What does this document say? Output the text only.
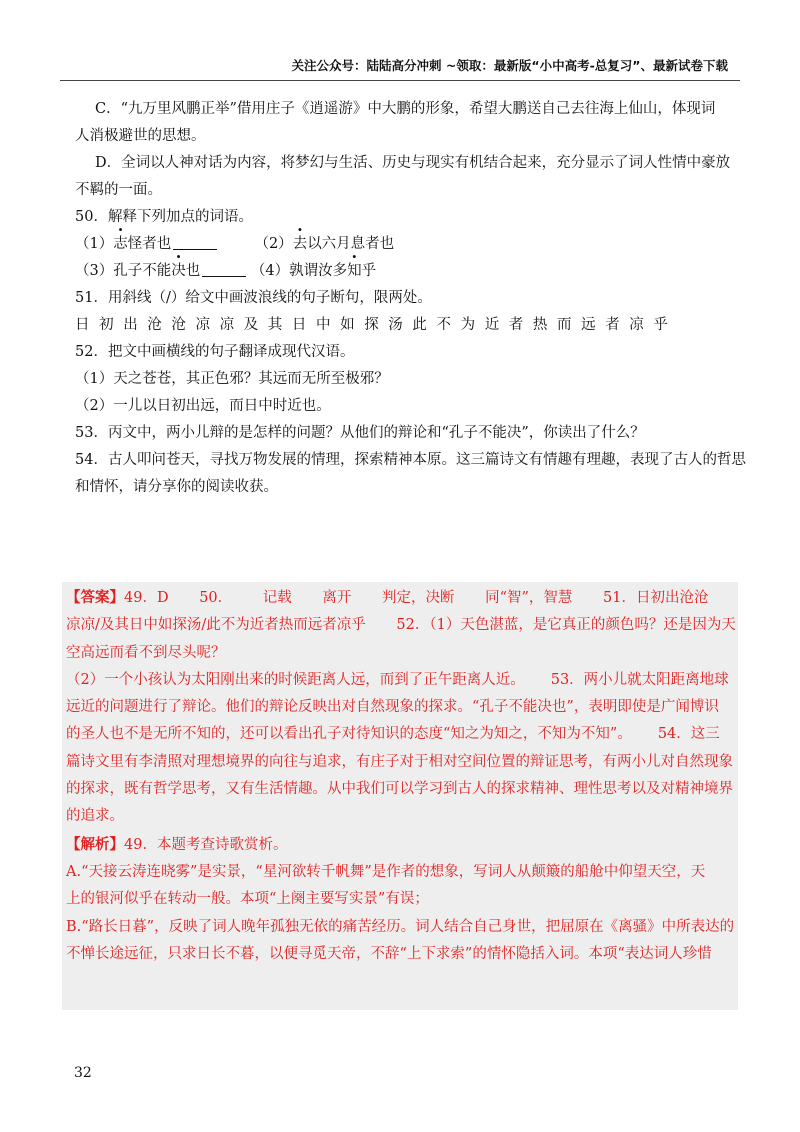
关注公众号：陆陆高分冲刺 ~领取：最新版“小中高考-总复习”、最新试卷下载
C．“九万里风鹏正举”借用庄子《逍遥游》中大鹏的形象，希望大鹏送自己去往海上仙山，体现词
人消极避世的思想。
D．全词以人神对话为内容，将梦幻与生活、历史与现实有机结合起来，充分显示了词人性情中豪放
不羁的一面。
50．解释下列加点的词语。
（1）志怪者也	（2）去以六月息者也
（3）孔子不能决也	（4）孰谓汝多知乎
51．用斜线（/）给文中画波浪线的句子断句，限两处。
日初出沧沧凉凉及其日中如探汤此不为近者热而远者凉乎
52．把文中画横线的句子翻译成现代汉语。
（1）天之苍苍，其正色邪？其远而无所至极邪？
（2）一儿以日初出远，而日中时近也。
53．丙文中，两小儿辩的是怎样的问题？从他们的辩论和“孔子不能决”，你读出了什么？
54．古人叩问苍天，寻找万物发展的情理，探索精神本原。这三篇诗文有情趣有理趣，表现了古人的哲思
和情怀，请分享你的阅读收获。
【答案】49．D 50． 记载 离开 判定，决断 同“智”，智慧 51．日初出沧沧
凉凉/及其日中如探汤/此不为近者热而远者凉乎 52．（1）天色湛蓝，是它真正的颜色吗？还是因为天
空高远而看不到尽头呢？
（2）一个小孩认为太阳刚出来的时候距离人远，而到了正午距离人近。 53．两小儿就太阳距离地球
远近的问题进行了辩论。他们的辩论反映出对自然现象的探求。“孔子不能决也”，表明即使是广闻博识
的圣人也不是无所不知的，还可以看出孔子对待知识的态度“知之为知之，不知为不知”。 54．这三
篇诗文里有李清照对理想境界的向往与追求，有庄子对于相对空间位置的辩证思考，有两小儿对自然现象
的探求，既有哲学思考，又有生活情趣。从中我们可以学习到古人的探求精神、理性思考以及对精神境界
的追求。
【解析】49．本题考查诗歌赏析。
A.“天接云涛连晓雾”是实景，“星河欲转千帆舞”是作者的想象，写词人从颠簸的船舱中仰望天空，天
上的银河似乎在转动一般。本项“上阕主要写实景”有误；
B.“路长日暮”，反映了词人晚年孤独无依的痛苦经历。词人结合自己身世，把屈原在《离骚》中所表达的
不惮长途远征，只求日长不暮，以便寻觅天帝，不辞“上下求索”的情怀隐括入词。本项“表达词人珍惜
32
